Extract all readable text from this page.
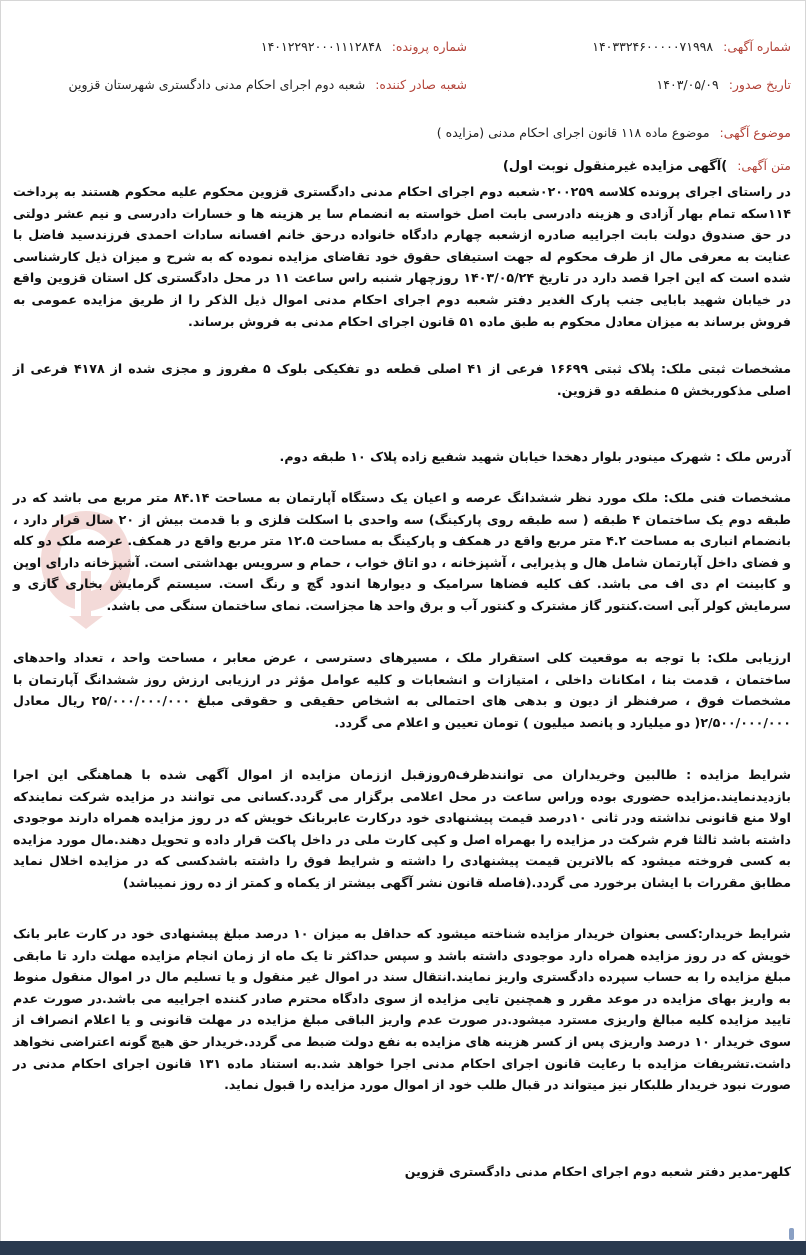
شماره آگهی:۱۴۰۳۳۲۴۶۰۰۰۰۰۷۱۹۹۸
شماره پرونده:۱۴۰۱۲۲۹۲۰۰۰۱۱۱۲۸۴۸
تاریخ صدور:۱۴۰۳/۰۵/۰۹
شعبه صادر کننده:شعبه دوم اجرای احکام مدنی دادگستری شهرستان قزوین
موضوع آگهی:موضوع ماده ۱۱۸ قانون اجرای احکام مدنی (مزایده )
متن آگهی:)آگهی مزایده غیرمنقول نوبت اول)

در راستای اجرای پرونده کلاسه ۰۲۰۰۲۵۹شعبه دوم اجرای احکام مدنی دادگستری قزوین محکوم علیه محکوم هستند به پرداخت ۱۱۴سکه تمام بهار آزادی و هزینه دادرسی بابت اصل خواسته به انضمام سا یر هزینه ها و خسارات دادرسی و نیم عشر دولتی در حق صندوق دولت بابت اجراییه صادره ازشعبه چهارم دادگاه خانواده درحق خانم افسانه سادات احمدی فرزندسید فاضل با عنایت به معرفی مال از طرف محکوم له جهت استیفای حقوق خود تقاضای مزایده نموده که به شرح و میزان ذیل کارشناسی شده است که این اجرا قصد دارد در تاریخ ۱۴۰۳/۰۵/۲۴ روزچهار شنبه راس ساعت ۱۱ در محل دادگستری کل استان قزوین واقع در خیابان شهید بابایی جنب پارک الغدیر دفتر شعبه دوم اجرای احکام مدنی اموال ذیل الذکر را از طریق مزایده عمومی به فروش برساند به میزان معادل محکوم به طبق ماده ۵۱ قانون اجرای احکام مدنی به فروش برساند.

مشخصات ثبتی ملک: پلاک ثبتی ۱۶۶۹۹ فرعی از ۴۱ اصلی قطعه دو تفکیکی بلوک ۵ مفروز و مجزی شده از ۴۱۷۸ فرعی از اصلی مذکوربخش ۵ منطقه دو قزوین.

آدرس ملک : شهرک مینودر بلوار دهخدا خیابان شهید شفیع زاده پلاک ۱۰ طبقه دوم.

مشخصات فنی ملک: ملک مورد نظر ششدانگ عرصه و اعیان یک دستگاه آپارتمان به مساحت ۸۴.۱۴ متر مربع می باشد که در طبقه دوم یک ساختمان ۴ طبقه ( سه طبقه روی پارکینگ) سه واحدی با اسکلت فلزی و با قدمت بیش از ۲۰ سال قرار دارد ، بانضمام انباری به مساحت ۴.۲ متر مربع واقع در همکف و پارکینگ به مساحت ۱۲.۵ متر مربع واقع در همکف. عرصه ملک دو کله و فضای داخل آپارتمان شامل هال و پذیرایی ، آشپزخانه ، دو اتاق خواب ، حمام و سرویس بهداشتی است. آشپزخانه دارای اوپن و کابینت ام دی اف می باشد. کف کلیه فضاها سرامیک و دیوارها اندود گچ و رنگ است. سیستم گرمایش بخاری گازی و سرمایش کولر آبی است.کنتور گاز مشترک و کنتور آب و برق واحد ها مجزاست. نمای ساختمان سنگی می باشد.

ارزیابی ملک: با توجه به موقعیت کلی استقرار ملک ، مسیرهای دسترسی ، عرض معابر ، مساحت واحد ، تعداد واحدهای ساختمان ، قدمت بنا ، امکانات داخلی ، امتیازات و انشعابات و کلیه عوامل مؤثر در ارزیابی ارزش روز ششدانگ آپارتمان با مشخصات فوق ، صرفنظر از دیون و بدهی های احتمالی به اشخاص حقیقی و حقوقی مبلغ ۲۵/۰۰۰/۰۰۰/۰۰۰ ریال معادل ۲/۵۰۰/۰۰۰/۰۰۰( دو میلیارد و پانصد میلیون ) تومان تعیین و اعلام می گردد.

شرایط مزایده : طالبین وخریداران می توانندظرف۵روزقبل اززمان مزایده از اموال آگهی شده با هماهنگی این اجرا بازدیدنمایند.مزایده حضوری بوده وراس ساعت در محل اعلامی برگزار می گردد.کسانی می توانند در مزایده شرکت نمایندکه اولا منع قانونی نداشته ودر ثانی ۱۰درصد قیمت پیشنهادی خود درکارت عابربانک خویش که در روز مزایده همراه دارند موجودی داشته باشد ثالثا فرم شرکت در مزایده را بهمراه اصل و کپی کارت ملی در داخل پاکت قرار داده و تحویل دهند.مال مورد مزایده به کسی فروخته میشود که بالاترین قیمت پیشنهادی را داشته و شرایط فوق را داشته باشدکسی که در مزایده اخلال نماید مطابق مقررات با ایشان برخورد می گردد.(فاصله قانون نشر آگهی بیشتر از یکماه و کمتر از ده روز نمیباشد)

شرایط خریدار:کسی بعنوان خریدار مزایده شناخته میشود که حداقل به میزان ۱۰ درصد مبلغ پیشنهادی خود در کارت عابر بانک خویش که در روز مزایده همراه دارد موجودی داشته باشد و سپس حداکثر تا یک ماه از زمان انجام مزایده مهلت دارد تا مابقی مبلغ مزایده را به حساب سپرده دادگستری واریز نمایند.انتقال سند در اموال غیر منقول و یا تسلیم مال در اموال منقول منوط به واریز بهای مزایده در موعد مقرر و همچنین تایی مزایده از سوی دادگاه محترم صادر کننده اجراییه می باشد.در صورت عدم تایید مزایده کلیه مبالغ واریزی مسترد میشود.در صورت عدم واریز الباقی مبلغ مزایده در مهلت قانونی و یا اعلام انصراف از سوی خریدار ۱۰ درصد واریزی پس از کسر هزینه های مزایده به نفع دولت ضبط می گردد.خریدار حق هیچ گونه اعتراضی نخواهد داشت.تشریفات مزایده با رعایت قانون اجرای احکام مدنی اجرا خواهد شد.به استناد ماده ۱۳۱ قانون اجرای احکام مدنی در صورت نبود خریدار طلبکار نیز میتواند در قبال طلب خود از اموال مورد مزایده را قبول نماید.

کلهر-مدیر دفتر شعبه دوم اجرای احکام مدنی دادگستری قزوین
